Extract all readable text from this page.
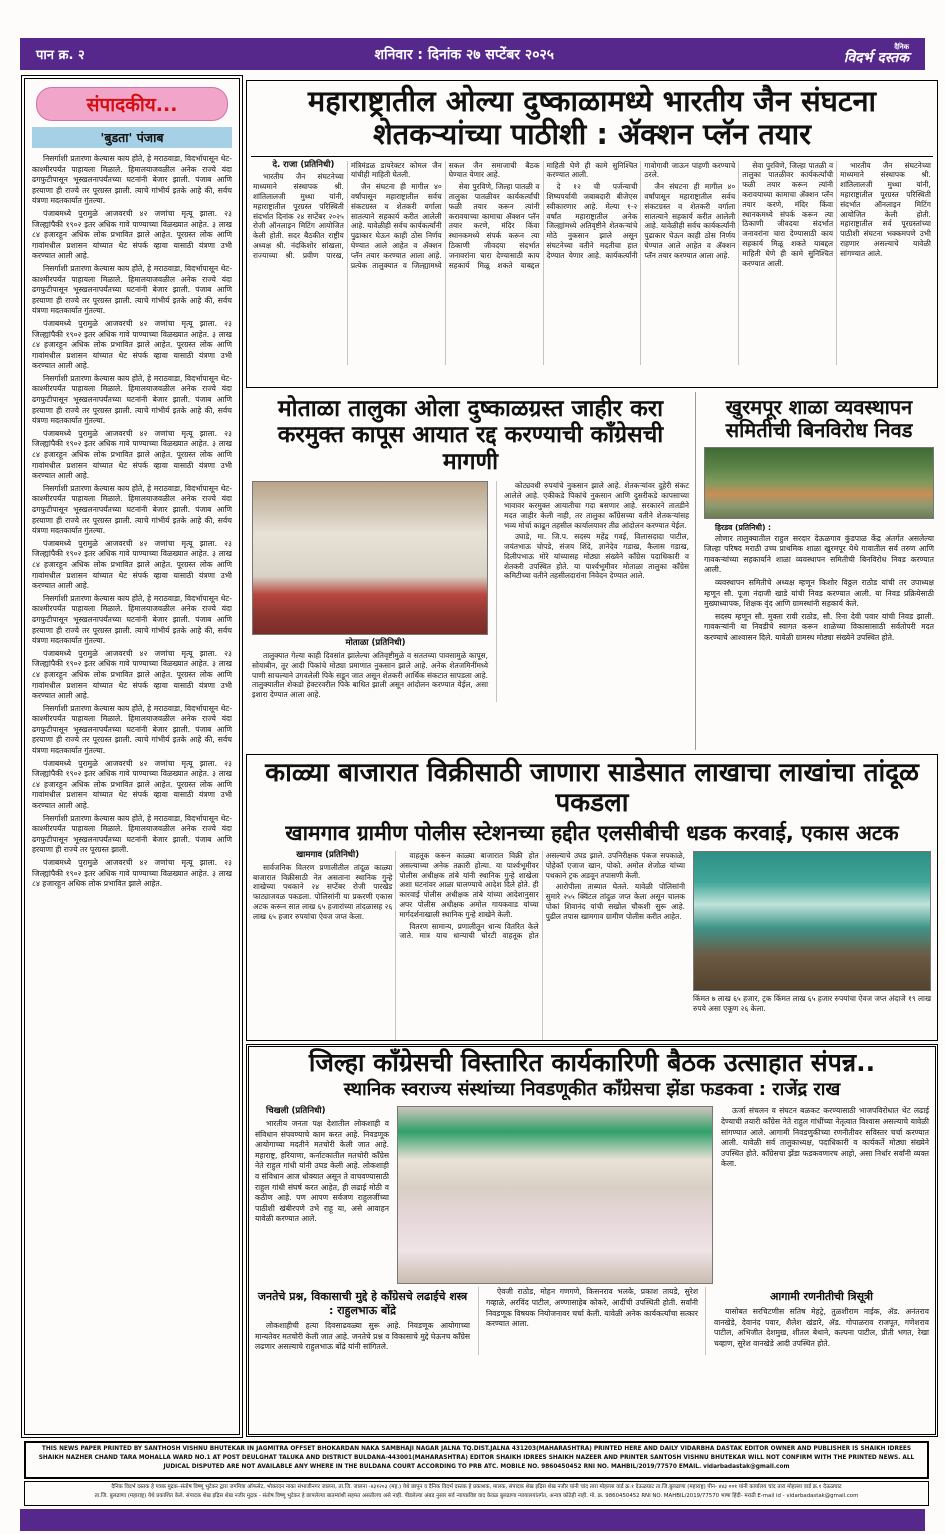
पान क्र. २	शनिवार : दिनांक २७ सप्टेंबर २०२५	दैनिक
विदर्भ दस्तक
संपादकीय...
'बुडता' पंजाब

निसर्गाशी प्रतारणा केल्यास काय होते, हे मराठवाडा, विदर्भापासून थेट-काश्मीरपर्यंत पाहायला मिळाले. हिमालयाजवळील अनेक राज्ये यंदा ढगफुटीपासून भूस्खलनापर्यंतच्या घटनांनी बेजार झाली. पंजाब आणि हरयाणा ही राज्ये तर पूरग्रस्त झाली. त्याचे गांभीर्य इतके आहे की, सर्वच यंत्रणा मदतकार्यात गुंतल्या.

पंजाबमध्ये पुरामुळे आजवरची ४२ जणांचा मृत्यू झाला. २३ जिल्ह्यांपैकी १९०२ इतर अधिक गावे पाण्याच्या विळख्यात आहेत. ३ लाख ८४ हजारहून अधिक लोक प्रभावित झाले आहेत. पूरग्रस्त लोक आणि गावांमधील प्रशासन यांच्यात थेट संपर्क व्हावा यासाठी यंत्रणा उभी करण्यात आली आहे.

निसर्गाशी प्रतारणा केल्यास काय होते, हे मराठवाडा, विदर्भापासून थेट-काश्मीरपर्यंत पाहायला मिळाले. हिमालयाजवळील अनेक राज्ये यंदा ढगफुटीपासून भूस्खलनापर्यंतच्या घटनांनी बेजार झाली. पंजाब आणि हरयाणा ही राज्ये तर पूरग्रस्त झाली. त्याचे गांभीर्य इतके आहे की, सर्वच यंत्रणा मदतकार्यात गुंतल्या.

पंजाबमध्ये पुरामुळे आजवरची ४२ जणांचा मृत्यू झाला. २३ जिल्ह्यांपैकी १९०२ इतर अधिक गावे पाण्याच्या विळख्यात आहेत. ३ लाख ८४ हजारहून अधिक लोक प्रभावित झाले आहेत. पूरग्रस्त लोक आणि गावांमधील प्रशासन यांच्यात थेट संपर्क व्हावा यासाठी यंत्रणा उभी करण्यात आली आहे.

निसर्गाशी प्रतारणा केल्यास काय होते, हे मराठवाडा, विदर्भापासून थेट-काश्मीरपर्यंत पाहायला मिळाले. हिमालयाजवळील अनेक राज्ये यंदा ढगफुटीपासून भूस्खलनापर्यंतच्या घटनांनी बेजार झाली. पंजाब आणि हरयाणा ही राज्ये तर पूरग्रस्त झाली. त्याचे गांभीर्य इतके आहे की, सर्वच यंत्रणा मदतकार्यात गुंतल्या.

पंजाबमध्ये पुरामुळे आजवरची ४२ जणांचा मृत्यू झाला. २३ जिल्ह्यांपैकी १९०२ इतर अधिक गावे पाण्याच्या विळख्यात आहेत. ३ लाख ८४ हजारहून अधिक लोक प्रभावित झाले आहेत. पूरग्रस्त लोक आणि गावांमधील प्रशासन यांच्यात थेट संपर्क व्हावा यासाठी यंत्रणा उभी करण्यात आली आहे.

निसर्गाशी प्रतारणा केल्यास काय होते, हे मराठवाडा, विदर्भापासून थेट-काश्मीरपर्यंत पाहायला मिळाले. हिमालयाजवळील अनेक राज्ये यंदा ढगफुटीपासून भूस्खलनापर्यंतच्या घटनांनी बेजार झाली. पंजाब आणि हरयाणा ही राज्ये तर पूरग्रस्त झाली. त्याचे गांभीर्य इतके आहे की, सर्वच यंत्रणा मदतकार्यात गुंतल्या.

पंजाबमध्ये पुरामुळे आजवरची ४२ जणांचा मृत्यू झाला. २३ जिल्ह्यांपैकी १९०२ इतर अधिक गावे पाण्याच्या विळख्यात आहेत. ३ लाख ८४ हजारहून अधिक लोक प्रभावित झाले आहेत. पूरग्रस्त लोक आणि गावांमधील प्रशासन यांच्यात थेट संपर्क व्हावा यासाठी यंत्रणा उभी करण्यात आली आहे.

निसर्गाशी प्रतारणा केल्यास काय होते, हे मराठवाडा, विदर्भापासून थेट-काश्मीरपर्यंत पाहायला मिळाले. हिमालयाजवळील अनेक राज्ये यंदा ढगफुटीपासून भूस्खलनापर्यंतच्या घटनांनी बेजार झाली. पंजाब आणि हरयाणा ही राज्ये तर पूरग्रस्त झाली. त्याचे गांभीर्य इतके आहे की, सर्वच यंत्रणा मदतकार्यात गुंतल्या.

पंजाबमध्ये पुरामुळे आजवरची ४२ जणांचा मृत्यू झाला. २३ जिल्ह्यांपैकी १९०२ इतर अधिक गावे पाण्याच्या विळख्यात आहेत. ३ लाख ८४ हजारहून अधिक लोक प्रभावित झाले आहेत. पूरग्रस्त लोक आणि गावांमधील प्रशासन यांच्यात थेट संपर्क व्हावा यासाठी यंत्रणा उभी करण्यात आली आहे.

निसर्गाशी प्रतारणा केल्यास काय होते, हे मराठवाडा, विदर्भापासून थेट-काश्मीरपर्यंत पाहायला मिळाले. हिमालयाजवळील अनेक राज्ये यंदा ढगफुटीपासून भूस्खलनापर्यंतच्या घटनांनी बेजार झाली. पंजाब आणि हरयाणा ही राज्ये तर पूरग्रस्त झाली. त्याचे गांभीर्य इतके आहे की, सर्वच यंत्रणा मदतकार्यात गुंतल्या.

पंजाबमध्ये पुरामुळे आजवरची ४२ जणांचा मृत्यू झाला. २३ जिल्ह्यांपैकी १९०२ इतर अधिक गावे पाण्याच्या विळख्यात आहेत. ३ लाख ८४ हजारहून अधिक लोक प्रभावित झाले आहेत. पूरग्रस्त लोक आणि गावांमधील प्रशासन यांच्यात थेट संपर्क व्हावा यासाठी यंत्रणा उभी करण्यात आली आहे.

निसर्गाशी प्रतारणा केल्यास काय होते, हे मराठवाडा, विदर्भापासून थेट-काश्मीरपर्यंत पाहायला मिळाले. हिमालयाजवळील अनेक राज्ये यंदा ढगफुटीपासून भूस्खलनापर्यंतच्या घटनांनी बेजार झाली. पंजाब आणि हरयाणा ही राज्ये तर पूरग्रस्त झाली.

पंजाबमध्ये पुरामुळे आजवरची ४२ जणांचा मृत्यू झाला. २३ जिल्ह्यांपैकी १९०२ इतर अधिक गावे पाण्याच्या विळख्यात आहेत. ३ लाख ८४ हजारहून अधिक लोक प्रभावित झाले आहेत.

महाराष्ट्रातील ओल्या दुष्काळामध्ये भारतीय जैन संघटना शेतकऱ्यांच्या पाठीशी : ॲक्शन प्लॅन तयार

दे. राजा (प्रतिनिधी)

भारतीय जैन संघटनेच्या माध्यमाने संस्थापक श्री. शांतिलालजी मुथ्था यांनी, महाराष्ट्रातील पूरग्रस्त परिस्थिती संदर्भात दिनांक २४ सप्टेंबर २०२५ रोजी ऑनलाइन मिटिंग आयोजित केली होती. सदर बैठकीत राष्ट्रीय अध्यक्ष श्री. नंदकिशोर सांखला, राज्याच्या श्री. प्रवीण पारख, मंत्रिमंडळ डायरेक्टर कोमल जैन यांचीही माहिती घेतली.

जैन संघटना ही मागील ४० वर्षांपासून महाराष्ट्रातील सर्वच संकटग्रस्त व शेतकरी वर्गाला सातत्याने सहकार्य करीत आलेली आहे. यावेळीही सर्वच कार्यकर्त्यांनी पुढाकार घेऊन काही ठोस निर्णय घेण्यात आले आहेत व ॲक्शन प्लॅन तयार करण्यात आला आहे. प्रत्येक तालुक्यात व जिल्ह्यामध्ये सकल जैन समाजाची बैठक घेण्यात येणार आहे.

सेवा पुरविणे, जिल्हा पातळी व तालुका पातळीवर कार्यकर्त्यांची फळी तयार करून त्यांनी करावयाच्या कामाचा ॲक्शन प्लॅन तयार करणे, मंदिर किंवा स्थानकमध्ये संपर्क करून त्या ठिकाणी जीवदया संदर्भात जनावरांना चारा देण्यासाठी काय सहकार्य मिळू शकते याबद्दल माहिती घेणे ही कामे सुनिश्चित करण्यात आली.

दे १२ ची पर्जन्याची शिष्यपर्यायी जबाबदारी बीजेएस स्वीकारणार आहे. मेल्या १-२ वर्षांत महाराष्ट्रातील अनेक जिल्ह्यांमध्ये अतिवृष्टीने शेतकऱ्यांचे मोठे नुकसान झाले असून संघटनेच्या वतीने मदतीचा हात देण्यात येणार आहे. कार्यकर्त्यांनी गावोगावी जाऊन पाहणी करण्याचे ठरले.

जैन संघटना ही मागील ४० वर्षांपासून महाराष्ट्रातील सर्वच संकटग्रस्त व शेतकरी वर्गाला सातत्याने सहकार्य करीत आलेली आहे. यावेळीही सर्वच कार्यकर्त्यांनी पुढाकार घेऊन काही ठोस निर्णय घेण्यात आले आहेत व ॲक्शन प्लॅन तयार करण्यात आला आहे.

सेवा पुरविणे, जिल्हा पातळी व तालुका पातळीवर कार्यकर्त्यांची फळी तयार करून त्यांनी करावयाच्या कामाचा ॲक्शन प्लॅन तयार करणे, मंदिर किंवा स्थानकमध्ये संपर्क करून त्या ठिकाणी जीवदया संदर्भात जनावरांना चारा देण्यासाठी काय सहकार्य मिळू शकते याबद्दल माहिती घेणे ही कामे सुनिश्चित करण्यात आली.

भारतीय जैन संघटनेच्या माध्यमाने संस्थापक श्री. शांतिलालजी मुथ्था यांनी, महाराष्ट्रातील पूरग्रस्त परिस्थिती संदर्भात ऑनलाइन मिटिंग आयोजित केली होती. महाराष्ट्रातील सर्व पूरग्रस्तांच्या पाठीशी संघटना भक्कमपणे उभी राहणार असल्याचे यावेळी सांगण्यात आले.

मोताळा तालुका ओला दुष्काळग्रस्त जाहीर करा
करमुक्त कापूस आयात रद्द करण्याची काँग्रेसची मागणी

मोताळा (प्रतिनिधी)

तालुक्यात गेल्या काही दिवसांत झालेल्या अतिवृष्टीमुळे व सततच्या पावसामुळे कापूस, सोयाबीन, तूर आदी पिकांचे मोठ्या प्रमाणात नुकसान झाले आहे. अनेक शेतजमिनींमध्ये पाणी साचल्याने उगवलेली पिके सडून जात असून शेतकरी आर्थिक संकटात सापडला आहे. तालुक्यातील शेकडो हेक्टरवरील पिके बाधित झाली असून आंदोलन करण्यात येईल, असा इशारा देण्यात आला आहे.

कोट्यवधी रुपयांचे नुकसान झाले आहे. शेतकऱ्यांवर दुहेरी संकट आलेले आहे. एकीकडे पिकांचे नुकसान आणि दुसरीकडे कापसाच्या भावावर करमुक्त आयातीचा गदा बसणार आहे. सरकारने तातडीने मदत जाहीर केली नाही, तर तालुका काँग्रेसच्या वतीने शेतकऱ्यांसह भव्य मोर्चा काढून तहसील कार्यालयावर तीव्र आंदोलन करण्यात येईल.

उघाडे, मा. जि.प. सदस्य महेंद्र गवई, विलासदादा पाटील, जयंतभाऊ चोपडे, संजय शिंदे, ज्ञानेदेव गडाख, कैलास गडाख, दिलीपभाऊ मोरे यांच्यासह मोठ्या संख्येने काँग्रेस पदाधिकारी व शेतकरी उपस्थित होते. या पार्श्वभूमीवर मोताळा तालुका काँग्रेस कमिटीच्या वतीने तहसीलदारांना निवेदन देण्यात आले.

खुरमपूर शाळा व्यवस्थापन
समितीची बिनविरोध निवड

हिरडव (प्रतिनिधी) :

लोणार तालुक्यातील राहुल सरदार देऊळगाव कुंडपाळ केंद्र अंतर्गत असलेल्या जिल्हा परिषद मराठी उच्च प्राथमिक शाळा खुरमपूर येथे गावातील सर्व तरुण आणि गावकऱ्यांच्या सहकार्याने शाळा व्यवस्थापन समितीची बिनविरोध निवड करण्यात आली.

व्यवस्थापन समितीचे अध्यक्ष म्हणून किशोर विठ्ठल राठोड यांची तर उपाध्यक्ष म्हणून सौ. पूजा नंदाजी खाडे यांची निवड करण्यात आली. या निवड प्रक्रियेसाठी मुख्याध्यापक, शिक्षक वृंद आणि ग्रामस्थांनी सहकार्य केले.

सदस्य म्हणून सौ. मुक्ता रावी राठोड, सौ. रिना देवी पवार यांची निवड झाली. गावकऱ्यांनी या निवडीचे स्वागत करून शाळेच्या विकासासाठी सर्वतोपरी मदत करण्याचे आश्वासन दिले. यावेळी ग्रामस्थ मोठ्या संख्येने उपस्थित होते.

काळ्या बाजारात विक्रीसाठी जाणारा साडेसात लाखाचा लाखांचा तांदूळ पकडला
खामगाव ग्रामीण पोलीस स्टेशनच्या हद्दीत एलसीबीची धडक करवाई, एकास अटक

खामगाव (प्रतिनिधी)

सार्वजनिक वितरण प्रणालीतील तांदूळ काळ्या बाजारात विक्रीसाठी नेत असताना स्थानिक गुन्हे शाखेच्या पथकाने २४ सप्टेंबर रोजी पारखेड फाट्याजवळ पकडला. पोलिसांनी या प्रकरणी एकास अटक करून सात लाख ६५ हजारांच्या तांदळासह २६ लाख ६५ हजार रुपयांचा ऐवज जप्त केला.

वाहतूक करून काळ्या बाजारात विक्री होत असल्याच्या अनेक तक्रारी होत्या. या पार्श्वभूमीवर पोलीस अधीक्षक तांबे यांनी स्थानिक गुन्हे शाखेला अशा घटनांवर आळा घालण्याचे आदेश दिले होते. ही कारवाई पोलीस अधीक्षक तांबे यांच्या आदेशानुसार अपर पोलीस अधीक्षक अमोल गायकवाड यांच्या मार्गदर्शनाखाली स्थानिक गुन्हे शाखेने केली.

वितरण सामान्य, प्रणालीतून धान्य वितरित केले जाते. मात्र याच धान्याची चोरटी वाहतूक होत असल्याचे उघड झाले. उपनिरीक्षक पंकज सपकाळे, पोहेकॉ एजाज खान, पोको. अमोल शेजोळ यांच्या पथकाने ट्रक अडवून तपासणी केली.

आरोपीला ताब्यात घेतले. यावेळी पोलिसांनी सुमारे २५५ क्विंटल तांदुळ जप्त केला असून चालक पोकां शिवानंद यांची सखोल चौकशी सुरू आहे. पुढील तपास खामगाव ग्रामीण पोलीस करीत आहेत.

किंमत ७ लाख ६५ हजार, ट्रक किंमत लाख ६५ हजार रुपयांचा ऐवज जप्त अंदाजे १९ लाख रुपये असा एकूण २६ केला.

जिल्हा काँग्रेसची विस्तारित कार्यकारिणी बैठक उत्साहात संपन्न..
स्थानिक स्वराज्य संस्थांच्या निवडणूकीत काँग्रेसचा झेंडा फडकवा : राजेंद्र राख

चिखली (प्रतिनिधी)

भारतीय जनता पक्ष देशातील लोकशाही व संविधान संपवण्याचे काम करत आहे. निवडणूक आयोगाच्या मदतीने मतचोरी केली जात आहे. महाराष्ट्र, हरियाणा, कर्नाटकातील मतचोरी काँग्रेस नेते राहुल गांधी यांनी उघड केली आहे. लोकशाही व संविधान आज धोक्यात असून ते वाचवण्यासाठी राहुल गांधी संघर्ष करत आहेत, ही लढाई मोठी व कठीण आहे. पण आपण सर्वजण राहुलजींच्या पाठीशी खंबीरपणे उभे राहू या, असे आवाहन यावेळी करण्यात आले.

ऊर्जा संचलन व संघटन बळकट करण्यासाठी भाजपविरोधात थेट लढाई देण्याची तयारी काँग्रेस नेते राहुल गांधींच्या नेतृत्वात विश्वास असल्याचे यावेळी सांगण्यात आले. आगामी निवडणुकीच्या रणनीतीवर सविस्तर चर्चा करण्यात आली. यावेळी सर्व तालुकाध्यक्ष, पदाधिकारी व कार्यकर्ते मोठ्या संख्येने उपस्थित होते. काँग्रेसचा झेंडा फडकवणारच आहो, असा निर्धार सर्वांनी व्यक्त केला.

जनतेचे प्रश्न, विकासाची मुद्दे हे काँग्रेसचे लढाईचे शस्त्र : राहुलभाऊ बोंद्रे

लोकशाहीची हत्या दिवसाढवळ्या सुरू आहे. निवडणूक आयोगाच्या मान्यतेवर मतचोरी केली जात आहे. जनतेचे प्रश्न व विकासाचे मुद्दे घेऊनच काँग्रेस लढणार असल्याचे राहुलभाऊ बोंद्रे यांनी सांगितले.

ऐवजी राठोड, मोहन गणगणे, किसनराव भलके, प्रकाश तायडे, सुरेश गव्हाळे, अरविंद पाटील, अण्णासाहेब कोकरे, आदींची उपस्थिती होती. सर्वांनी निवडणूक विषयक नियोजनावर चर्चा केली. यावेळी अनेक कार्यकर्त्यांचा सत्कार करण्यात आला.

आगामी रणनीतीची त्रिसूत्री

यासोबत सरचिटणीस सतिष मेहट्रे, तुळशीराम नाईक, ॲड. अनंतराव वानखेडे, देवानंद पवार, शैलेश खंडारे, ॲड. गोपाळराव राजपूत, गणेशराव पाटील, अभिजीत देशमुख, शीतल बेथाने, कल्पना पाटील, प्रीती भगत, रेखा चव्हाण, सुरेश वानखेडे आदी उपस्थित होते.

THIS NEWS PAPER PRINTED BY SANTHOSH VISHNU BHUTEKAR IN JAGMITRA OFFSET BHOKARDAN NAKA SAMBHAJI NAGAR JALNA TQ.DIST.JALNA 431203(MAHARASHTRA) PRINTED HERE AND DAILY VIDARBHA DASTAK EDITOR OWNER AND PUBLISHER IS SHAIKH IDREES SHAIKH NAZHER CHAND TARA MOHALLA WARD NO.1 AT POST DEULGHAT TALUKA AND DISTRICT BULDANA-443001(MAHARASHTRA) EDITOR SHAIKH IDREES SHAIKH NAZEER AND PRINTER SANTOSH VISHNU BHUTEKAR WILL NOT CONFIRM WITH THE PRINTED NEWS. ALL JUDICAL DISPUTED ARE NOT AVAILABLE ANY WHERE IN THE BULDANA COURT ACCORDING TO PRB ATC. MOBILE NO. 9860450452 RNI NO. MAHBIL/2019/77570 EMAIL. vidarbadastak@gmail.com
दैनिक विदर्भ दस्तक हे पत्रक मुद्रक–संतोष विष्णू भुटेकर द्वारा जगमित्रा ऑफसेट, भोकरदन नाका संभाजीनगर जालना, ता.जि. जालना -४३१२०३ (मह.) येथे छापून व दैनिक विदर्भ दस्तक हे प्रकाशक, मालक, संपादक शेख इद्रिस शेख नजीर यांनी चांद तारा मोहल्ला वार्ड क्र.१ देऊळघाट ता.जि.बुलढाणा (महाराष्ट्र) पीन- ४४३ ००१ यांनी कार्यालय चांद तारा मोहल्ला वार्ड क्र.१ देऊळघाट
ता.जि. बुलढाणा (महाराष्ट्र) येथे प्रकाशित केले. संपादक शेख इद्रिस शेख नजीर मुद्रक - संतोष विष्णू भुटेकर हे छापलेल्या बातम्यांशी सहमत असतीलच असे नाही. पीडलेल्या अंबड नुसार सर्व न्यायप्रविष्ट वाद केवळ बुलढाणा न्यायालयांतर्गत, अन्यत्र कोठेही नाही. मो. क्र. 9860450452 RNI NO. MAHBIL/2019/77570 भाषा हिंदी- मराठी E-mail id - vidarbadastak@gmail.com
